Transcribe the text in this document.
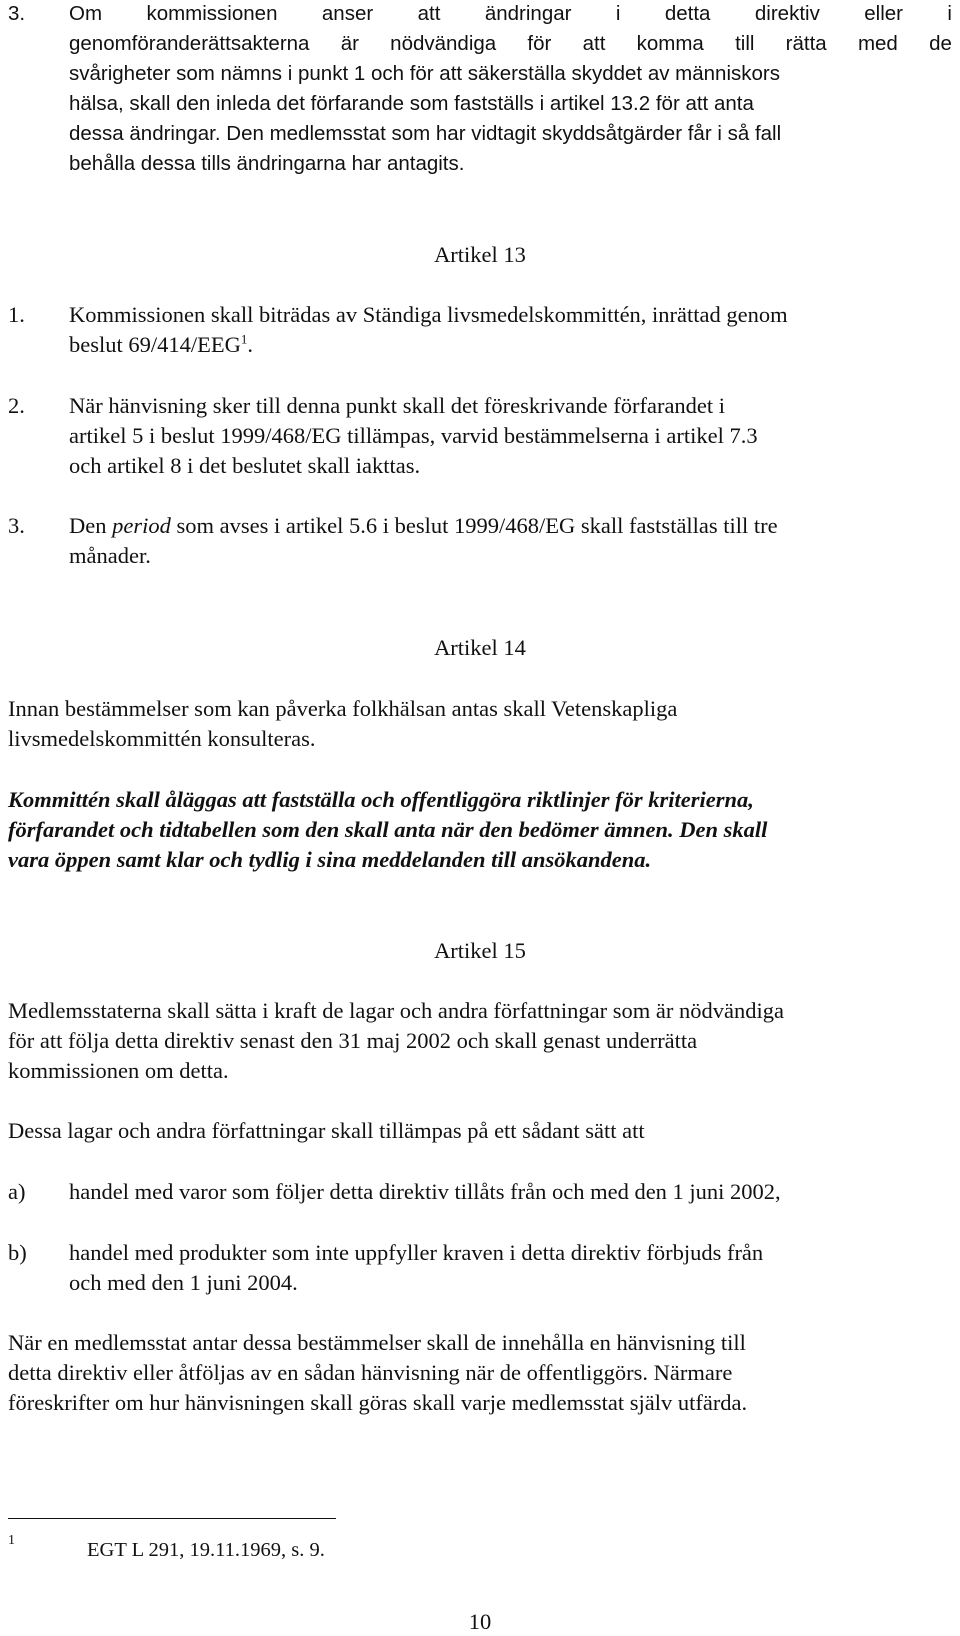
3. Om kommissionen anser att ändringar i detta direktiv eller i
genomföranderättsakterna är nödvändiga för att komma till rätta med de
svårigheter som nämns i punkt 1 och för att säkerställa skyddet av människors
hälsa, skall den inleda det förfarande som fastställs i artikel 13.2 för att anta
dessa ändringar. Den medlemsstat som har vidtagit skyddsåtgärder får i så fall
behålla dessa tills ändringarna har antagits.
Artikel 13
1. Kommissionen skall biträdas av Ständiga livsmedelskommittén, inrättad genom
beslut 69/414/EEG$^1$.
2. När hänvisning sker till denna punkt skall det föreskrivande förfarandet i
artikel 5 i beslut 1999/468/EG tillämpas, varvid bestämmelserna i artikel 7.3
och artikel 8 i det beslutet skall iakttas.
3. Den period som avses i artikel 5.6 i beslut 1999/468/EG skall fastställas till tre
månader.
Artikel 14
Innan bestämmelser som kan påverka folkhälsan antas skall Vetenskapliga
livsmedelskommittén konsulteras.
Kommittén skall åläggas att fastställa och offentliggöra riktlinjer för kriterierna,
förfarandet och tidtabellen som den skall anta när den bedömer ämnen. Den skall
vara öppen samt klar och tydlig i sina meddelanden till ansökandena.
Artikel 15
Medlemsstaterna skall sätta i kraft de lagar och andra författningar som är nödvändiga
för att följa detta direktiv senast den 31 maj 2002 och skall genast underrätta
kommissionen om detta.
Dessa lagar och andra författningar skall tillämpas på ett sådant sätt att
a) handel med varor som följer detta direktiv tillåts från och med den 1 juni 2002,
b) handel med produkter som inte uppfyller kraven i detta direktiv förbjuds från
och med den 1 juni 2004.
När en medlemsstat antar dessa bestämmelser skall de innehålla en hänvisning till
detta direktiv eller åtföljas av en sådan hänvisning när de offentliggörs. Närmare
föreskrifter om hur hänvisningen skall göras skall varje medlemsstat själv utfärda.
1	EGT L 291, 19.11.1969, s. 9.
10
